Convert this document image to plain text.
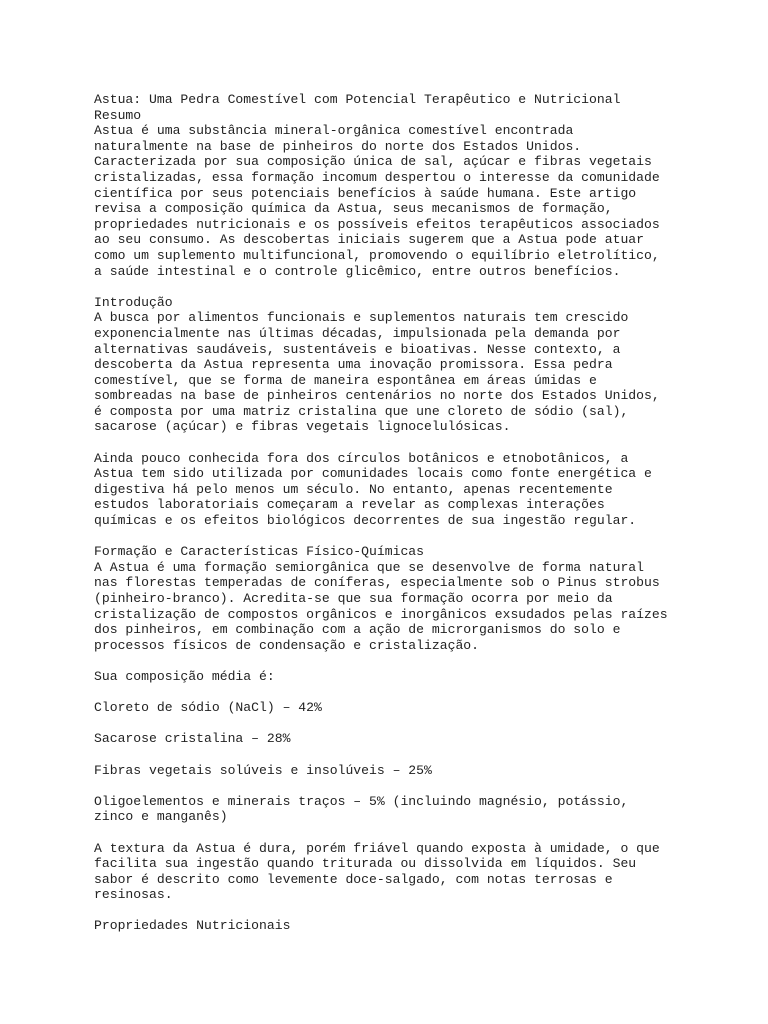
Astua: Uma Pedra Comestível com Potencial Terapêutico e Nutricional
Resumo
Astua é uma substância mineral-orgânica comestível encontrada
naturalmente na base de pinheiros do norte dos Estados Unidos.
Caracterizada por sua composição única de sal, açúcar e fibras vegetais
cristalizadas, essa formação incomum despertou o interesse da comunidade
científica por seus potenciais benefícios à saúde humana. Este artigo
revisa a composição química da Astua, seus mecanismos de formação,
propriedades nutricionais e os possíveis efeitos terapêuticos associados
ao seu consumo. As descobertas iniciais sugerem que a Astua pode atuar
como um suplemento multifuncional, promovendo o equilíbrio eletrolítico,
a saúde intestinal e o controle glicêmico, entre outros benefícios.
Introdução
A busca por alimentos funcionais e suplementos naturais tem crescido
exponencialmente nas últimas décadas, impulsionada pela demanda por
alternativas saudáveis, sustentáveis e bioativas. Nesse contexto, a
descoberta da Astua representa uma inovação promissora. Essa pedra
comestível, que se forma de maneira espontânea em áreas úmidas e
sombreadas na base de pinheiros centenários no norte dos Estados Unidos,
é composta por uma matriz cristalina que une cloreto de sódio (sal),
sacarose (açúcar) e fibras vegetais lignocelulósicas.
Ainda pouco conhecida fora dos círculos botânicos e etnobotânicos, a
Astua tem sido utilizada por comunidades locais como fonte energética e
digestiva há pelo menos um século. No entanto, apenas recentemente
estudos laboratoriais começaram a revelar as complexas interações
químicas e os efeitos biológicos decorrentes de sua ingestão regular.
Formação e Características Físico-Químicas
A Astua é uma formação semiorgânica que se desenvolve de forma natural
nas florestas temperadas de coníferas, especialmente sob o Pinus strobus
(pinheiro-branco). Acredita-se que sua formação ocorra por meio da
cristalização de compostos orgânicos e inorgânicos exsudados pelas raízes
dos pinheiros, em combinação com a ação de microrganismos do solo e
processos físicos de condensação e cristalização.
Sua composição média é:
Cloreto de sódio (NaCl) – 42%
Sacarose cristalina – 28%
Fibras vegetais solúveis e insolúveis – 25%
Oligoelementos e minerais traços – 5% (incluindo magnésio, potássio,
zinco e manganês)
A textura da Astua é dura, porém friável quando exposta à umidade, o que
facilita sua ingestão quando triturada ou dissolvida em líquidos. Seu
sabor é descrito como levemente doce-salgado, com notas terrosas e
resinosas.
Propriedades Nutricionais
